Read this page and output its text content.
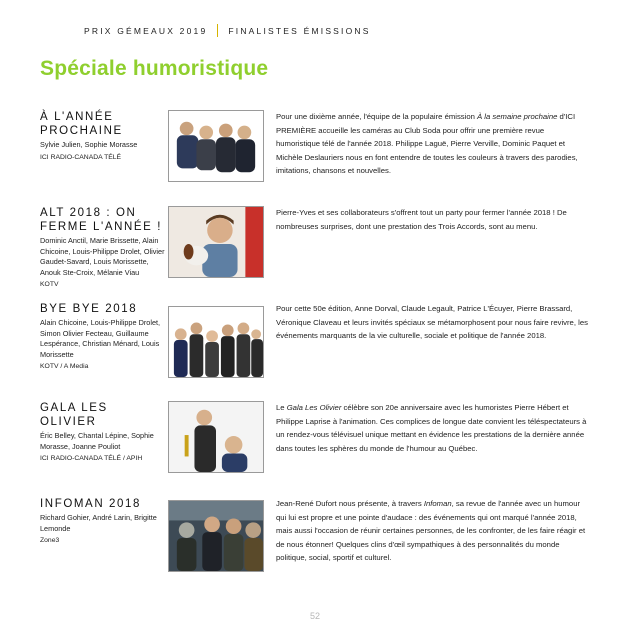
PRIX GÉMEAUX 2019 FINALISTES ÉMISSIONS
Spéciale humoristique
À L'ANNÉE PROCHAINE
Sylvie Julien, Sophie Morasse
ICI RADIO-CANADA TÉLÉ
Pour une dixième année, l'équipe de la populaire émission À la semaine prochaine d'ICI PREMIÈRE accueille les caméras au Club Soda pour offrir une première revue humoristique télé de l'année 2018. Philippe Laguë, Pierre Verville, Dominic Paquet et Michèle Deslauriers nous en font entendre de toutes les couleurs à travers des parodies, imitations, chansons et nouvelles.
ALT 2018 : ON FERME L'ANNÉE !
Dominic Anctil, Marie Brissette, Alain Chicoine, Louis-Philippe Drolet, Olivier Gaudet-Savard, Louis Morissette, Anouk Ste-Croix, Mélanie Viau
KOTV
Pierre-Yves et ses collaborateurs s'offrent tout un party pour fermer l'année 2018 ! De nombreuses surprises, dont une prestation des Trois Accords, sont au menu.
BYE BYE 2018
Alain Chicoine, Louis-Philippe Drolet, Simon Olivier Fecteau, Guillaume Lespérance, Christian Ménard, Louis Morissette
KOTV / A Media
Pour cette 50e édition, Anne Dorval, Claude Legault, Patrice L'Écuyer, Pierre Brassard, Véronique Claveau et leurs invités spéciaux se métamorphosent pour nous faire revivre, les événements marquants de la vie culturelle, sociale et politique de l'année 2018.
GALA LES OLIVIER
Éric Belley, Chantal Lépine, Sophie Morasse, Joanne Pouliot
ICI RADIO-CANADA TÉLÉ / APIH
Le Gala Les Olivier célèbre son 20e anniversaire avec les humoristes Pierre Hébert et Philippe Laprise à l'animation. Ces complices de longue date convient les téléspectateurs à un rendez-vous télévisuel unique mettant en évidence les prestations de la dernière année dans toutes les sphères du monde de l'humour au Québec.
INFOMAN 2018
Richard Gohier, André Larin, Brigitte Lemonde
Zone3
Jean-René Dufort nous présente, à travers Infoman, sa revue de l'année avec un humour qui lui est propre et une pointe d'audace : des événements qui ont marqué l'année 2018, mais aussi l'occasion de réunir certaines personnes, de les confronter, de les faire réagir et de nous étonner! Quelques clins d'œil sympathiques à des personnalités du monde politique, social, sportif et culturel.
52
